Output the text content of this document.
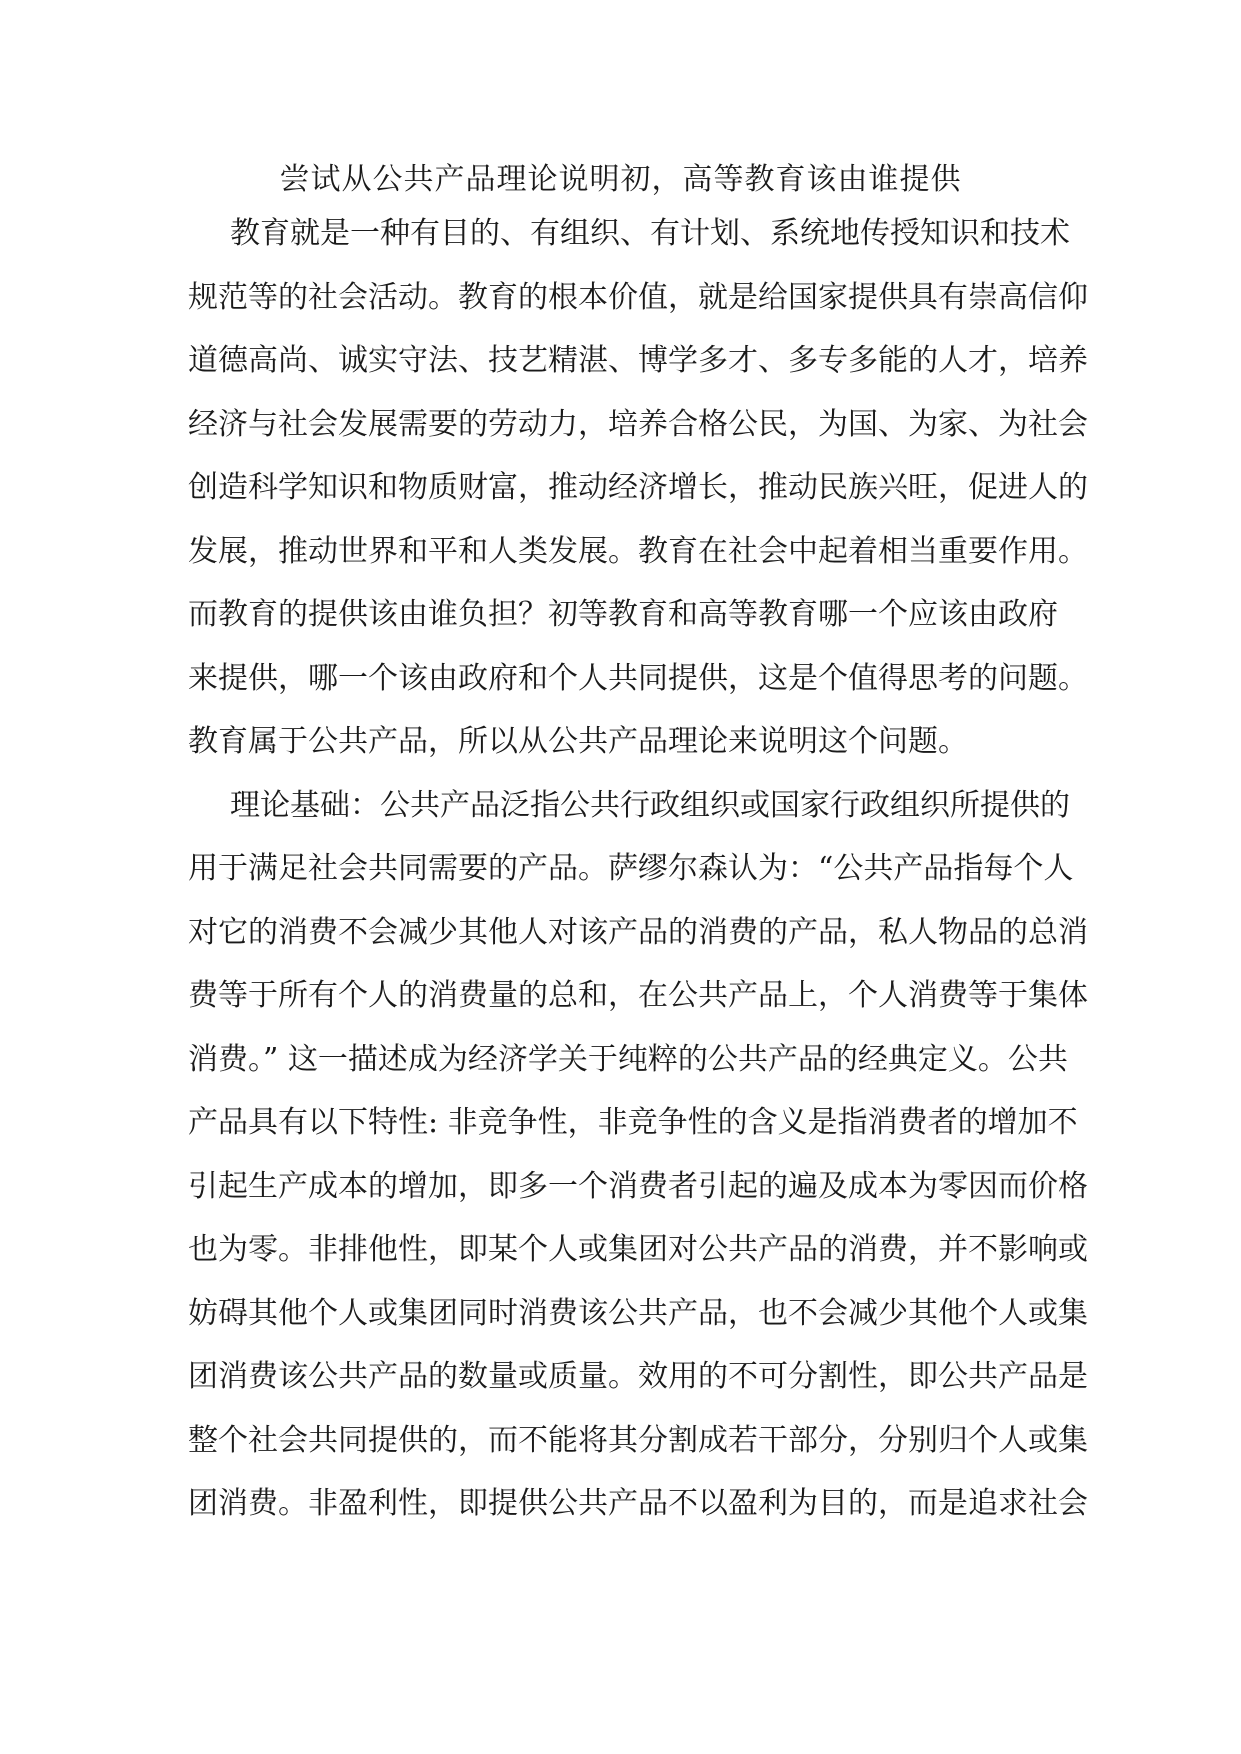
尝试从公共产品理论说明初，高等教育该由谁提供
教育就是一种有目的、有组织、有计划、系统地传授知识和技术
规范等的社会活动。教育的根本价值，就是给国家提供具有崇高信仰
道德高尚、诚实守法、技艺精湛、博学多才、多专多能的人才，培养
经济与社会发展需要的劳动力，培养合格公民，为国、为家、为社会
创造科学知识和物质财富，推动经济增长，推动民族兴旺，促进人的
发展，推动世界和平和人类发展。教育在社会中起着相当重要作用。
而教育的提供该由谁负担？初等教育和高等教育哪一个应该由政府
来提供，哪一个该由政府和个人共同提供，这是个值得思考的问题。
教育属于公共产品，所以从公共产品理论来说明这个问题。
理论基础：公共产品泛指公共行政组织或国家行政组织所提供的
用于满足社会共同需要的产品。萨缪尔森认为：“公共产品指每个人
对它的消费不会减少其他人对该产品的消费的产品，私人物品的总消
费等于所有个人的消费量的总和，在公共产品上，个人消费等于集体
消费。” 这一描述成为经济学关于纯粹的公共产品的经典定义。公共
产品具有以下特性: 非竞争性，非竞争性的含义是指消费者的增加不
引起生产成本的增加，即多一个消费者引起的遍及成本为零因而价格
也为零。非排他性，即某个人或集团对公共产品的消费，并不影响或
妨碍其他个人或集团同时消费该公共产品，也不会减少其他个人或集
团消费该公共产品的数量或质量。效用的不可分割性，即公共产品是
整个社会共同提供的，而不能将其分割成若干部分，分别归个人或集
团消费。非盈利性，即提供公共产品不以盈利为目的，而是追求社会
